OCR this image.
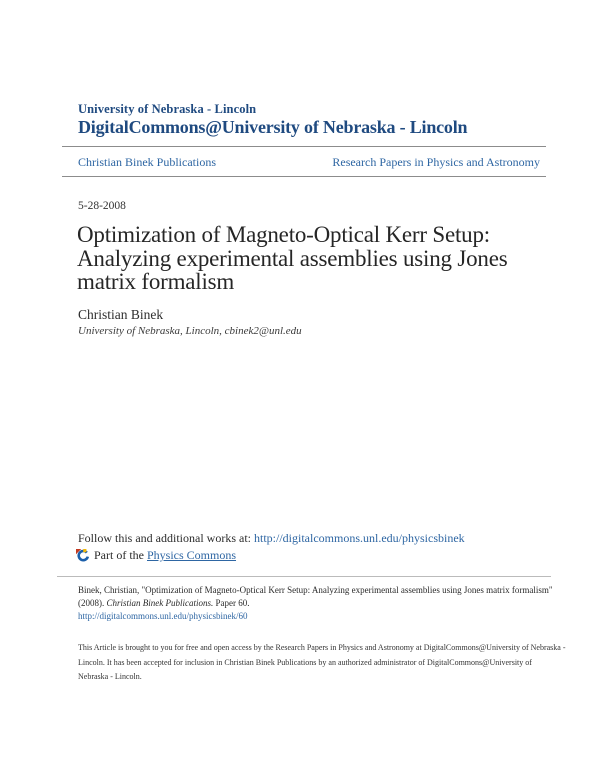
University of Nebraska - Lincoln
DigitalCommons@University of Nebraska - Lincoln
Christian Binek Publications	Research Papers in Physics and Astronomy
5-28-2008
Optimization of Magneto-Optical Kerr Setup:
Analyzing experimental assemblies using Jones
matrix formalism
Christian Binek
University of Nebraska, Lincoln, cbinek2@unl.edu
Follow this and additional works at: http://digitalcommons.unl.edu/physicsbinek
Part of the
Physics Commons
Binek, Christian, "Optimization of Magneto-Optical Kerr Setup: Analyzing experimental assemblies using Jones matrix formalism"
(2008). Christian Binek Publications. Paper 60.
http://digitalcommons.unl.edu/physicsbinek/60
This Article is brought to you for free and open access by the Research Papers in Physics and Astronomy at DigitalCommons@University of Nebraska -
Lincoln. It has been accepted for inclusion in Christian Binek Publications by an authorized administrator of DigitalCommons@University of
Nebraska - Lincoln.
